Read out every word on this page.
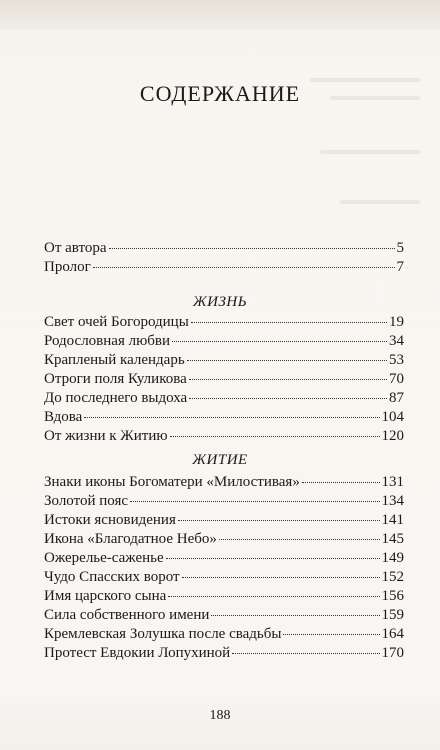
СОДЕРЖАНИЕ
От автора	5
Пролог	7
ЖИЗНЬ
Свет очей Богородицы	19
Родословная любви	34
Крапленый календарь	53
Отроги поля Куликова	70
До последнего выдоха	87
Вдова	104
От жизни к Житию	120
ЖИТИЕ
Знаки иконы Богоматери «Милостивая»	131
Золотой пояс	134
Истоки ясновидения	141
Икона «Благодатное Небо»	145
Ожерелье-саженье	149
Чудо Спасских ворот	152
Имя царского сына	156
Сила собственного имени	159
Кремлевская Золушка после свадьбы	164
Протест Евдокии Лопухиной	170
188
